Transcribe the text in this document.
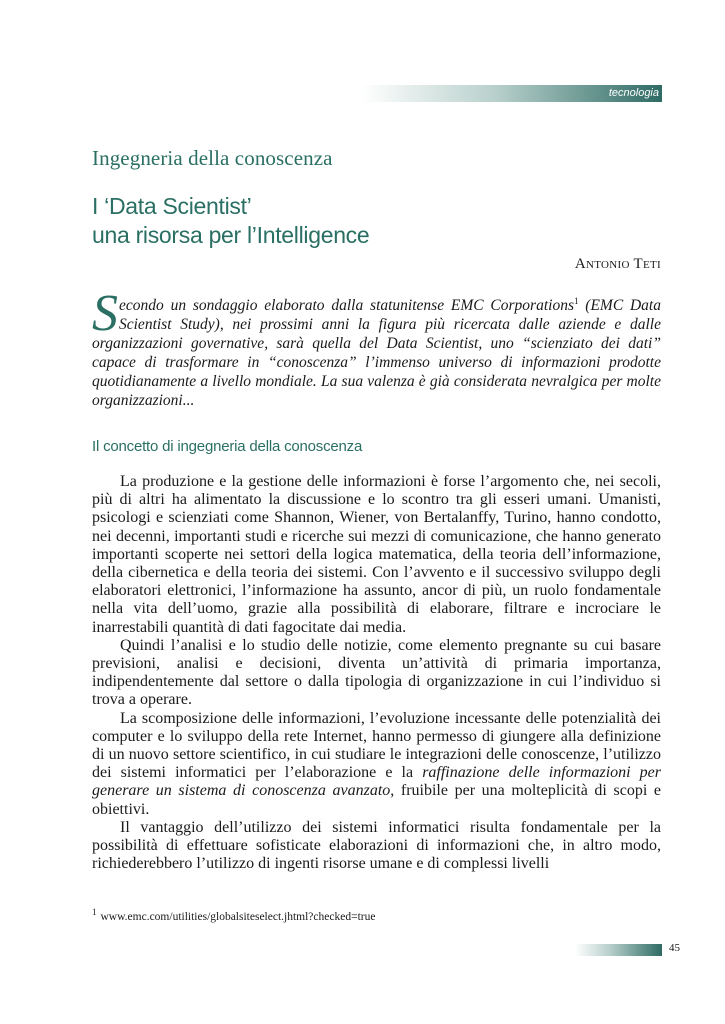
tecnologia
Ingegneria della conoscenza
I ‘Data Scientist’
una risorsa per l’Intelligence
Antonio Teti

Secondo un sondaggio elaborato dalla statunitense EMC Corporations$^1$ (EMC Data Scientist Study), nei prossimi anni la figura più ricercata dalle aziende e dalle organizzazioni governative, sarà quella del Data Scientist, uno “scienziato dei dati” capace di trasformare in “conoscenza” l’immenso universo di informazioni prodotte quotidianamente a livello mondiale. La sua valenza è già considerata nevralgica per molte organizzazioni...

Il concetto di ingegneria della conoscenza

La produzione e la gestione delle informazioni è forse l’argomento che, nei secoli, più di altri ha alimentato la discussione e lo scontro tra gli esseri umani. Umanisti, psicologi e scienziati come Shannon, Wiener, von Bertalanffy, Turino, hanno condotto, nei decenni, importanti studi e ricerche sui mezzi di comunicazione, che hanno generato importanti scoperte nei settori della logica matematica, della teoria dell’informazione, della cibernetica e della teoria dei sistemi. Con l’avvento e il successivo sviluppo degli elaboratori elettronici, l’informazione ha assunto, ancor di più, un ruolo fondamentale nella vita dell’uomo, grazie alla possibilità di elaborare, filtrare e incrociare le inarrestabili quantità di dati fagocitate dai media.

Quindi l’analisi e lo studio delle notizie, come elemento pregnante su cui basare previsioni, analisi e decisioni, diventa un’attività di primaria importanza, indipendentemente dal settore o dalla tipologia di organizzazione in cui l’individuo si trova a operare.

La scomposizione delle informazioni, l’evoluzione incessante delle potenzialità dei computer e lo sviluppo della rete Internet, hanno permesso di giungere alla definizione di un nuovo settore scientifico, in cui studiare le integrazioni delle conoscenze, l’utilizzo dei sistemi informatici per l’elaborazione e la raffinazione delle informazioni per generare un sistema di conoscenza avanzato, fruibile per una molteplicità di scopi e obiettivi.

Il vantaggio dell’utilizzo dei sistemi informatici risulta fondamentale per la possibilità di effettuare sofisticate elaborazioni di informazioni che, in altro modo, richiederebbero l’utilizzo di ingenti risorse umane e di complessi livelli

$^1$ www.emc.com/utilities/globalsiteselect.jhtml?checked=true
45
